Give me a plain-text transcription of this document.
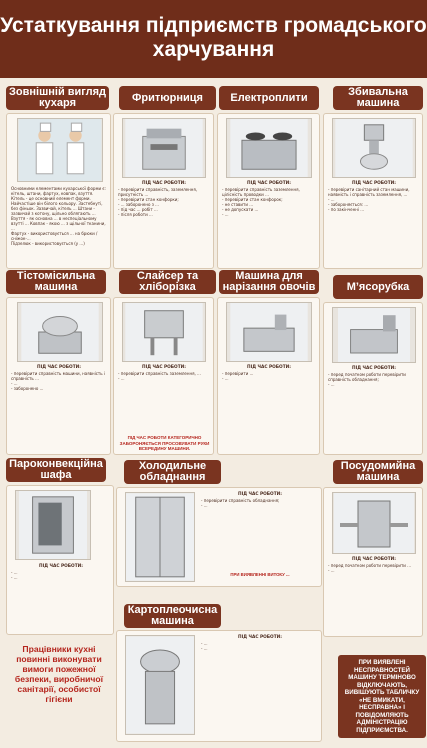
Устаткування підприємств громадського харчування
Зовнішній вигляд кухаря	Фритюрниця Електроплити	Збивальна машина
Основними елементами кухарської форми є: кітель, штани, фартух, ковпак, взуття. Кітель - це основний елемент форми. Найчастіше він білого кольору. Застебнуті, без фіньок. Зазвичай, кітель ... Штани - зазвичай з котону, щільно облягають ... Взуття - як основна ... в неспеціальному взутті ... Ковпак - якою ... з щільної тканини, ...
Фартух - використовується ... на брюки / сніжок-...
Підзелюк - використовується (у ...)
ПІД ЧАС РОБОТИ:
- перевірити справність, заземлення, присутність ...
- перевірити стан конфорки;
- ... заборонено з ...
- під час ... робіт ...
- після роботи ...
ПІД ЧАС РОБОТИ:
- перевірити справність заземлення, цілісність проводки ...
- перевірити стан конфорок;
- не ставити ...
- не допускати ...
- ...
ПІД ЧАС РОБОТИ:
- перевірити санітарний стан машини, наявність і справність заземлення, ...
- ...
- забороняється: ...
- по закінченні ...
Тістомісильна машина
Слайсер та хліборізка
Машина для нарізання овочів	М’ясорубка
ПІД ЧАС РОБОТИ:
- перевірити справність машини, наявність і справність ...
- ...
- заборонено ...
ПІД ЧАС РОБОТИ:
- перевірити справність заземлення, ...
- ...
ПІД ЧАС РОБОТИ КАТЕГОРИЧНО ЗАБОРОНЯЄТЬСЯ ПРОСОВУВАТИ РУКИ ВСЕРЕДИНУ МАШИНИ.
ПІД ЧАС РОБОТИ:
- перевірити ...
- ...
ПІД ЧАС РОБОТИ:
- перед початком роботи перевірити справність обладнання;
- ...
Пароконвекційна шафа
Холодильне обладнання
Посудомийна машина
ПІД ЧАС РОБОТИ:
- ...
- ...
ПІД ЧАС РОБОТИ:
- перевірити справність обладнання;
- ...
ПРИ ВИЯВЛЕННІ ВИТОКУ ...
ПІД ЧАС РОБОТИ:
- перед початком роботи перевірити ...
- ...
Картоплеочисна машина
ПІД ЧАС РОБОТИ:
- ...
- ...
Працівники кухні повинні виконувати вимоги пожежної безпеки, виробничої санітарії, особистої гігієни
ПРИ ВИЯВЛЕНІ НЕСПРАВНОСТЕЙ МАШИНУ ТЕРМІНОВО ВІДКЛЮЧАЮТЬ, ВИВІШУЮТЬ ТАБЛИЧКУ «НЕ ВМИКАТИ, НЕСПРАВНА» І ПОВІДОМЛЯЮТЬ АДМІНІСТРАЦІЮ ПІДПРИЄМСТВА.
